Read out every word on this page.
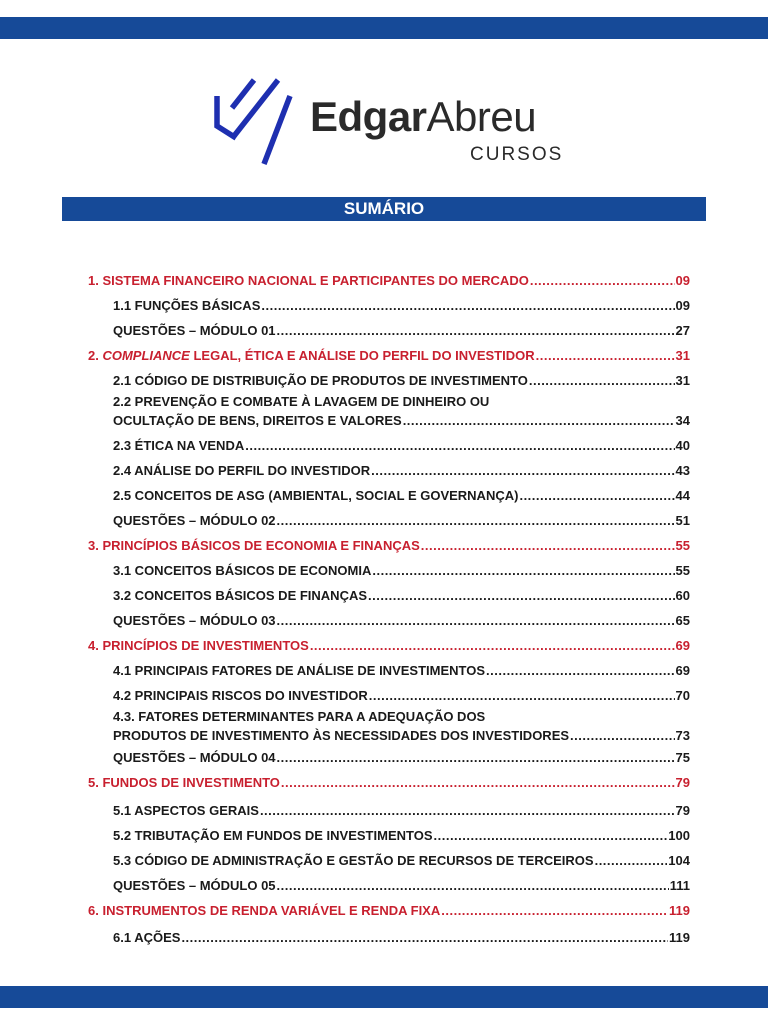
EdgarAbreu
CURSOS
SUMÁRIO
1. SISTEMA FINANCEIRO NACIONAL E PARTICIPANTES DO MERCADO .....	09
1.1 FUNÇÕES BÁSICAS .....	09
QUESTÕES – MÓDULO 01 .....	27
2. COMPLIANCE LEGAL, ÉTICA E ANÁLISE DO PERFIL DO INVESTIDOR .....	31
2.1 CÓDIGO DE DISTRIBUIÇÃO DE PRODUTOS DE INVESTIMENTO .....	31
2.2 PREVENÇÃO E COMBATE À LAVAGEM DE DINHEIRO OU
OCULTAÇÃO DE BENS, DIREITOS E VALORES .....	34
2.3 ÉTICA NA VENDA .....	40
2.4 ANÁLISE DO PERFIL DO INVESTIDOR .....	43
2.5 CONCEITOS DE ASG (AMBIENTAL, SOCIAL E GOVERNANÇA) .....	44
QUESTÕES – MÓDULO 02 .....	51
3. PRINCÍPIOS BÁSICOS DE ECONOMIA E FINANÇAS .....	55
3.1 CONCEITOS BÁSICOS DE ECONOMIA .....	55
3.2 CONCEITOS BÁSICOS DE FINANÇAS .....	60
QUESTÕES – MÓDULO 03 .....	65
4. PRINCÍPIOS DE INVESTIMENTOS .....	69
4.1 PRINCIPAIS FATORES DE ANÁLISE DE INVESTIMENTOS .....	69
4.2 PRINCIPAIS RISCOS DO INVESTIDOR .....	70
4.3. FATORES DETERMINANTES PARA A ADEQUAÇÃO DOS
PRODUTOS DE INVESTIMENTO ÀS NECESSIDADES DOS INVESTIDORES .....	73
QUESTÕES – MÓDULO 04 .....	75
5. FUNDOS DE INVESTIMENTO .....	79
5.1 ASPECTOS GERAIS .....	79
5.2 TRIBUTAÇÃO EM FUNDOS DE INVESTIMENTOS .....	100
5.3 CÓDIGO DE ADMINISTRAÇÃO E GESTÃO DE RECURSOS DE TERCEIROS .....	104
QUESTÕES – MÓDULO 05 .....	111
6. INSTRUMENTOS DE RENDA VARIÁVEL E RENDA FIXA .....	119
6.1 AÇÕES .....	119
